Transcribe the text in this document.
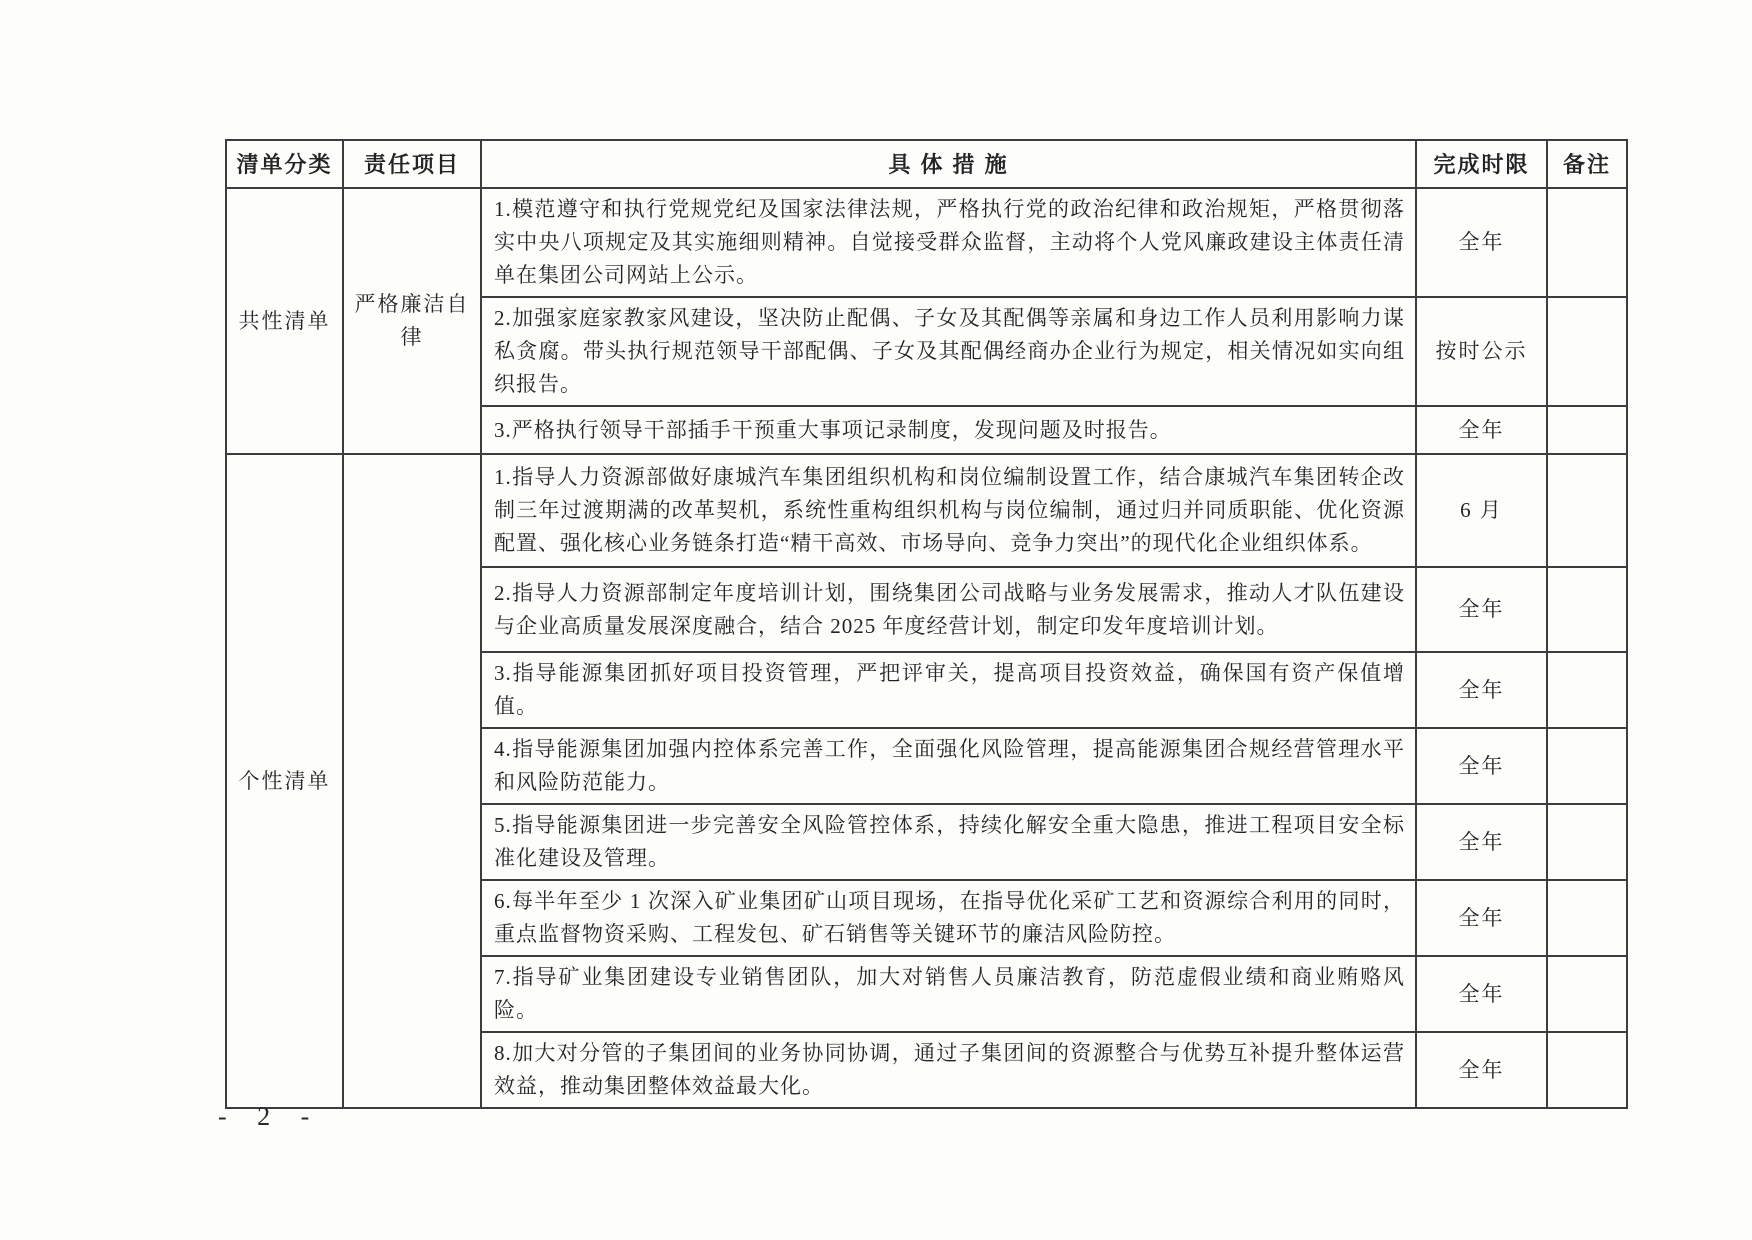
清单分类	责任项目	具 体 措 施	完成时限	备注
共性清单	严格廉洁自律	1.模范遵守和执行党规党纪及国家法律法规，严格执行党的政治纪律和政治规矩，严格贯彻落实中央八项规定及其实施细则精神。自觉接受群众监督，主动将个人党风廉政建设主体责任清单在集团公司网站上公示。	全年	
		2.加强家庭家教家风建设，坚决防止配偶、子女及其配偶等亲属和身边工作人员利用影响力谋私贪腐。带头执行规范领导干部配偶、子女及其配偶经商办企业行为规定，相关情况如实向组织报告。	按时公示	
		3.严格执行领导干部插手干预重大事项记录制度，发现问题及时报告。	全年	
个性清单		1.指导人力资源部做好康城汽车集团组织机构和岗位编制设置工作，结合康城汽车集团转企改制三年过渡期满的改革契机，系统性重构组织机构与岗位编制，通过归并同质职能、优化资源配置、强化核心业务链条打造“精干高效、市场导向、竞争力突出”的现代化企业组织体系。	6 月	
		2.指导人力资源部制定年度培训计划，围绕集团公司战略与业务发展需求，推动人才队伍建设与企业高质量发展深度融合，结合 2025 年度经营计划，制定印发年度培训计划。	全年	
		3.指导能源集团抓好项目投资管理，严把评审关，提高项目投资效益，确保国有资产保值增值。	全年	
		4.指导能源集团加强内控体系完善工作，全面强化风险管理，提高能源集团合规经营管理水平和风险防范能力。	全年	
		5.指导能源集团进一步完善安全风险管控体系，持续化解安全重大隐患，推进工程项目安全标准化建设及管理。	全年	
		6.每半年至少 1 次深入矿业集团矿山项目现场，在指导优化采矿工艺和资源综合利用的同时，重点监督物资采购、工程发包、矿石销售等关键环节的廉洁风险防控。	全年	
		7.指导矿业集团建设专业销售团队，加大对销售人员廉洁教育，防范虚假业绩和商业贿赂风险。	全年	
		8.加大对分管的子集团间的业务协同协调，通过子集团间的资源整合与优势互补提升整体运营效益，推动集团整体效益最大化。	全年	
- 2 -
